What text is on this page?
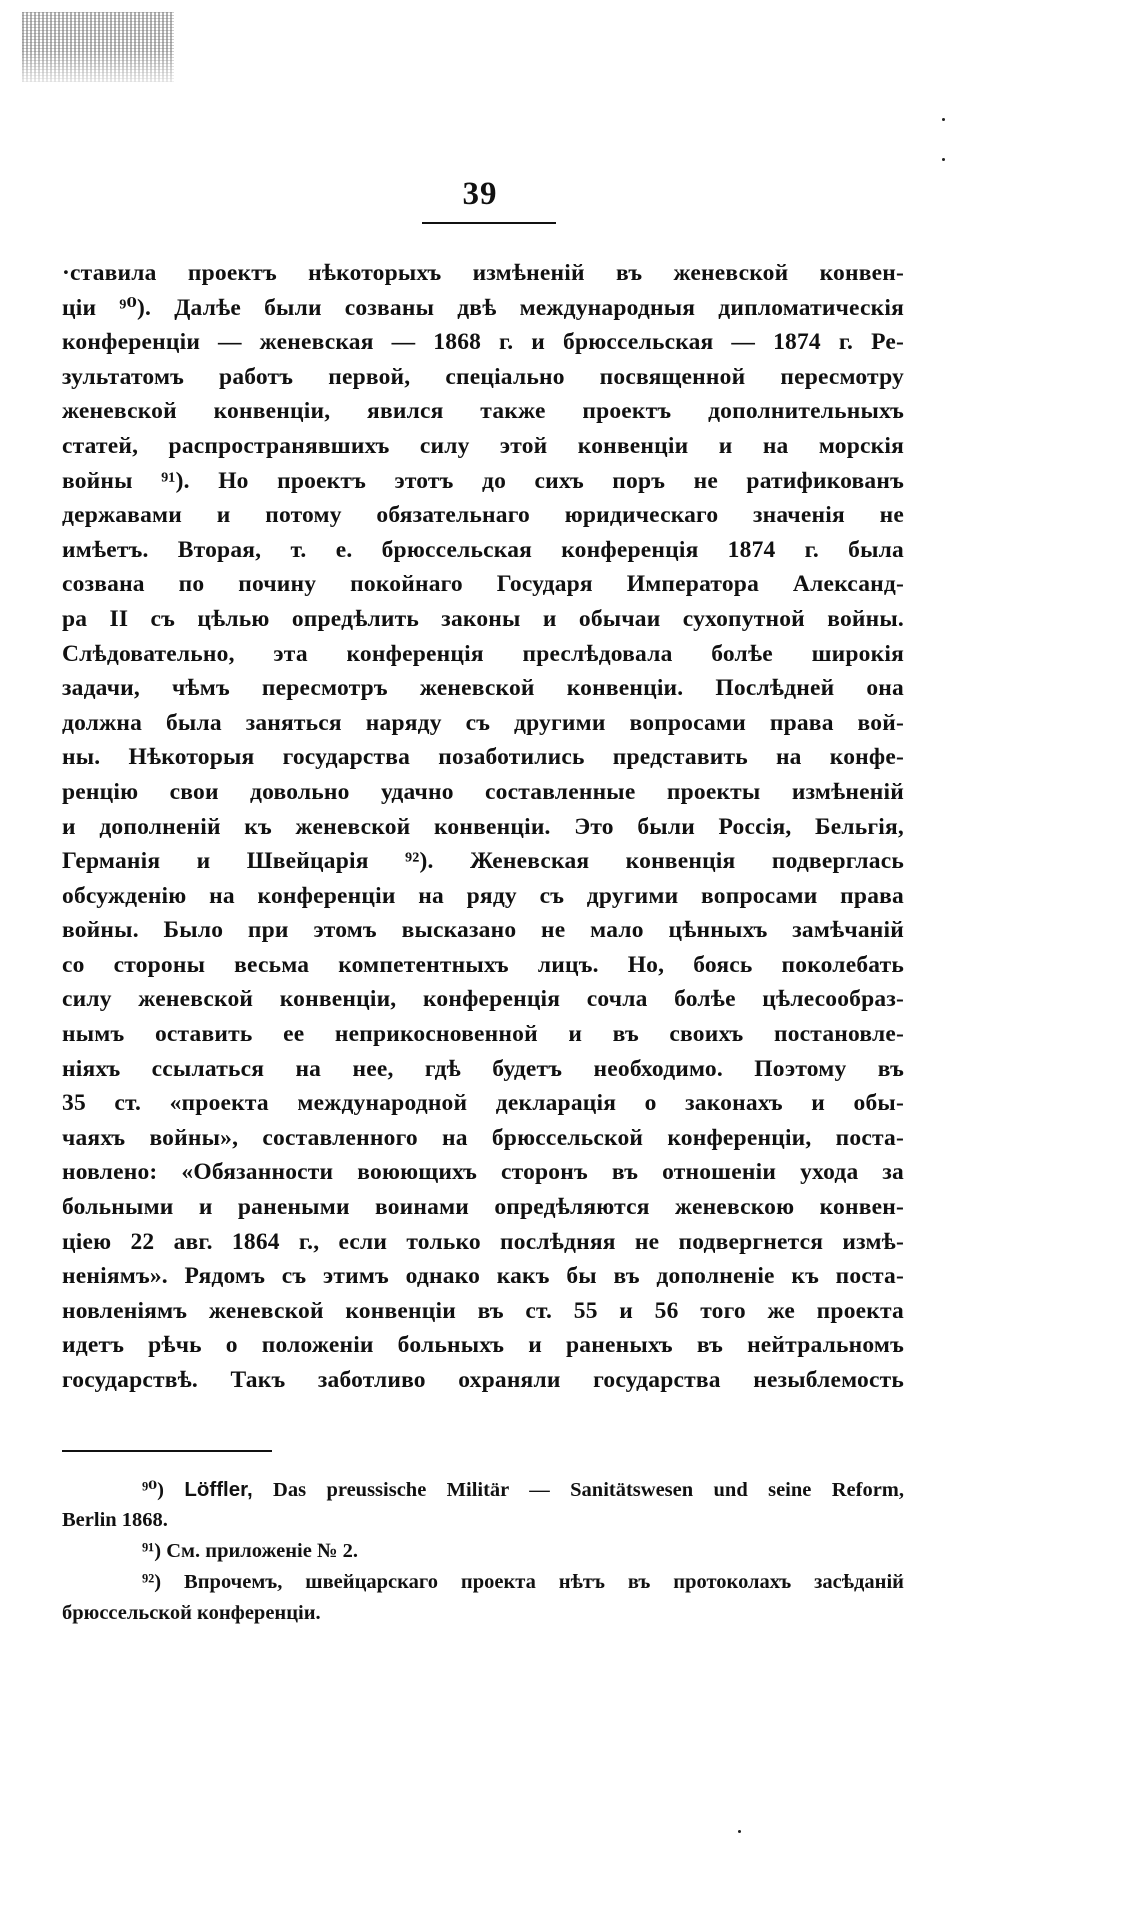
39
·ставила проектъ нѣкоторыхъ измѣненій въ женевской конвен-
ціи ⁹⁰). Далѣе были созваны двѣ международныя дипломатическія
конференціи — женевская — 1868 г. и брюссельская — 1874 г. Ре-
зультатомъ работъ первой, спеціально посвященной пересмотру
женевской конвенціи, явился также проектъ дополнительныхъ
статей, распространявшихъ силу этой конвенціи и на морскія
войны ⁹¹). Но проектъ этотъ до сихъ поръ не ратификованъ
державами и потому обязательнаго юридическаго значенія не
имѣетъ. Вторая, т. е. брюссельская конференція 1874 г. была
созвана по почину покойнаго Государя Императора Александ-
ра II съ цѣлью опредѣлить законы и обычаи сухопутной войны.
Слѣдовательно, эта конференція преслѣдовала болѣе широкія
задачи, чѣмъ пересмотръ женевской конвенціи. Послѣдней она
должна была заняться наряду съ другими вопросами права вой-
ны. Нѣкоторыя государства позаботились представить на конфе-
ренцію свои довольно удачно составленные проекты измѣненій
и дополненій къ женевской конвенціи. Это были Россія, Бельгія,
Германія и Швейцарія ⁹²). Женевская конвенція подверглась
обсужденію на конференціи на ряду съ другими вопросами права
войны. Было при этомъ высказано не мало цѣнныхъ замѣчаній
со стороны весьма компетентныхъ лицъ. Но, боясь поколебать
силу женевской конвенціи, конференція сочла болѣе цѣлесообраз-
нымъ оставить ее неприкосновенной и въ своихъ постановле-
ніяхъ ссылаться на нее, гдѣ будетъ необходимо. Поэтому въ
35 ст. «проекта международной декларація о законахъ и обы-
чаяхъ войны», составленного на брюссельской конференціи, поста-
новлено: «Обязанности воюющихъ сторонъ въ отношеніи ухода за
больными и ранеными воинами опредѣляются женевскою конвен-
ціею 22 авг. 1864 г., если только послѣдняя не подвергнется измѣ-
неніямъ». Рядомъ съ этимъ однако какъ бы въ дополненіе къ поста-
новленіямъ женевской конвенціи въ ст. 55 и 56 того же проекта
идетъ рѣчь о положеніи больныхъ и раненыхъ въ нейтральномъ
государствѣ. Такъ заботливо охраняли государства незыблемость
⁹⁰) Löffler, Das preussische Militär — Sanitätswesen und seine Reform,
Berlin 1868.
⁹¹) См. приложеніе № 2.
⁹²) Впрочемъ, швейцарскаго проекта нѣтъ въ протоколахъ засѣданій
брюссельской конференціи.
